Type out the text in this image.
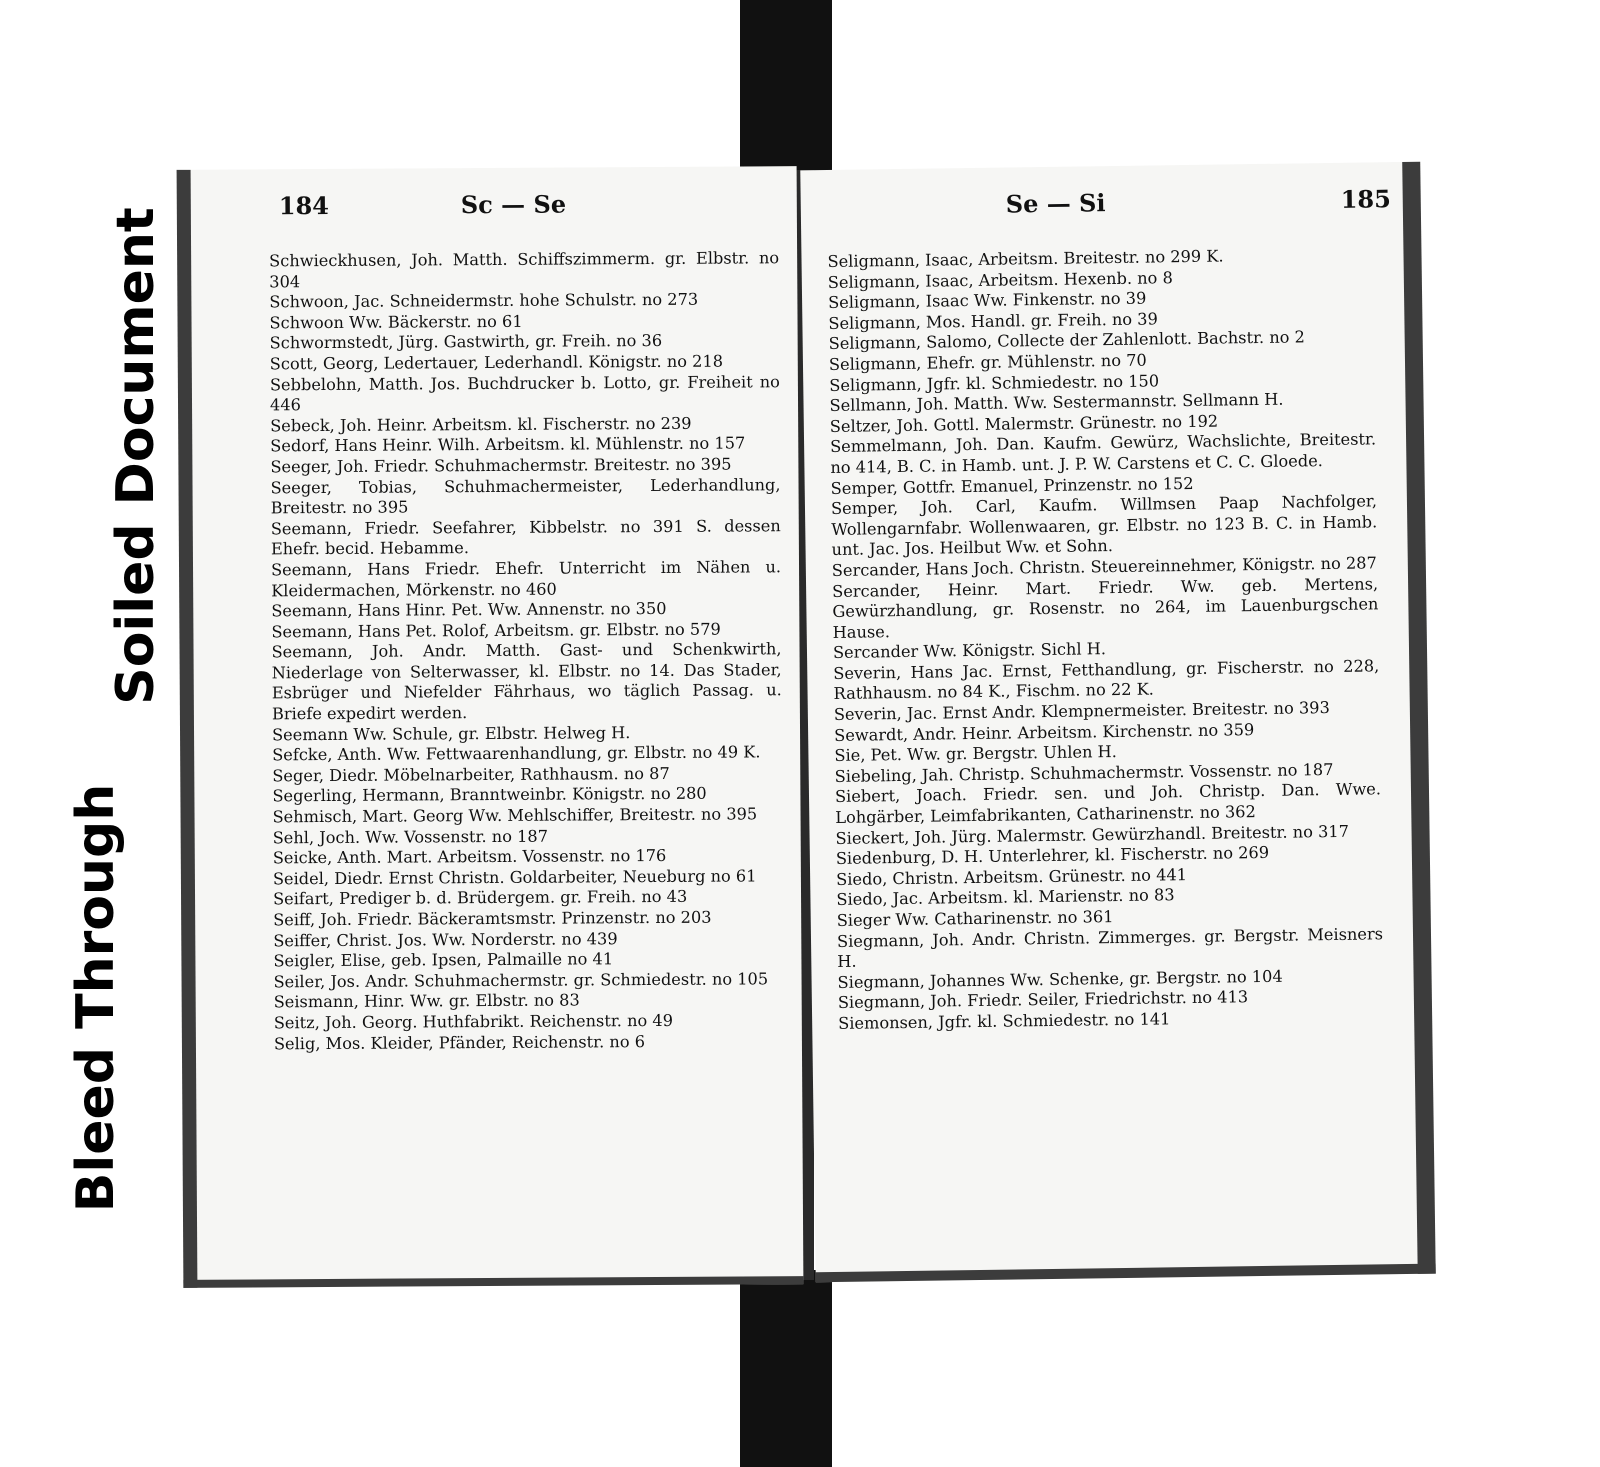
184	Sc — Se
Schwieckhusen, Joh. Matth. Schiffszimmerm. gr. Elbstr. no 304
Schwoon, Jac. Schneidermstr. hohe Schulstr. no 273
Schwoon Ww. Bäckerstr. no 61
Schwormstedt, Jürg. Gastwirth, gr. Freih. no 36
Scott, Georg, Ledertauer, Lederhandl. Königstr. no 218
Sebbelohn, Matth. Jos. Buchdrucker b. Lotto, gr. Freiheit no 446
Sebeck, Joh. Heinr. Arbeitsm. kl. Fischerstr. no 239
Sedorf, Hans Heinr. Wilh. Arbeitsm. kl. Mühlenstr. no 157
Seeger, Joh. Friedr. Schuhmachermstr. Breitestr. no 395
Seeger, Tobias, Schuhmachermeister, Lederhandlung, Breitestr. no 395
Seemann, Friedr. Seefahrer, Kibbelstr. no 391 S. dessen Ehefr. becid. Hebamme.
Seemann, Hans Friedr. Ehefr. Unterricht im Nähen u. Kleidermachen, Mörkenstr. no 460
Seemann, Hans Hinr. Pet. Ww. Annenstr. no 350
Seemann, Hans Pet. Rolof, Arbeitsm. gr. Elbstr. no 579
Seemann, Joh. Andr. Matth. Gast- und Schenkwirth, Niederlage von Selterwasser, kl. Elbstr. no 14. Das Stader, Esbrüger und Niefelder Fährhaus, wo täglich Passag. u. Briefe expedirt werden.
Seemann Ww. Schule, gr. Elbstr. Helweg H.
Sefcke, Anth. Ww. Fettwaarenhandlung, gr. Elbstr. no 49 K.
Seger, Diedr. Möbelnarbeiter, Rathhausm. no 87
Segerling, Hermann, Branntweinbr. Königstr. no 280
Sehmisch, Mart. Georg Ww. Mehlschiffer, Breitestr. no 395
Sehl, Joch. Ww. Vossenstr. no 187
Seicke, Anth. Mart. Arbeitsm. Vossenstr. no 176
Seidel, Diedr. Ernst Christn. Goldarbeiter, Neueburg no 61
Seifart, Prediger b. d. Brüdergem. gr. Freih. no 43
Seiff, Joh. Friedr. Bäckeramtsmstr. Prinzenstr. no 203
Seiffer, Christ. Jos. Ww. Norderstr. no 439
Seigler, Elise, geb. Ipsen, Palmaille no 41
Seiler, Jos. Andr. Schuhmachermstr. gr. Schmiedestr. no 105
Seismann, Hinr. Ww. gr. Elbstr. no 83
Seitz, Joh. Georg. Huthfabrikt. Reichenstr. no 49
Selig, Mos. Kleider, Pfänder, Reichenstr. no 6
Se — Si	185
Seligmann, Isaac, Arbeitsm. Breitestr. no 299 K.
Seligmann, Isaac, Arbeitsm. Hexenb. no 8
Seligmann, Isaac Ww. Finkenstr. no 39
Seligmann, Mos. Handl. gr. Freih. no 39
Seligmann, Salomo, Collecte der Zahlenlott. Bachstr. no 2
Seligmann, Ehefr. gr. Mühlenstr. no 70
Seligmann, Jgfr. kl. Schmiedestr. no 150
Sellmann, Joh. Matth. Ww. Sestermannstr. Sellmann H.
Seltzer, Joh. Gottl. Malermstr. Grünestr. no 192
Semmelmann, Joh. Dan. Kaufm. Gewürz, Wachslichte, Breitestr. no 414, B. C. in Hamb. unt. J. P. W. Carstens et C. C. Gloede.
Semper, Gottfr. Emanuel, Prinzenstr. no 152
Semper, Joh. Carl, Kaufm. Willmsen Paap Nachfolger, Wollengarnfabr. Wollenwaaren, gr. Elbstr. no 123 B. C. in Hamb. unt. Jac. Jos. Heilbut Ww. et Sohn.
Sercander, Hans Joch. Christn. Steuereinnehmer, Königstr. no 287
Sercander, Heinr. Mart. Friedr. Ww. geb. Mertens, Gewürzhandlung, gr. Rosenstr. no 264, im Lauenburgschen Hause.
Sercander Ww. Königstr. Sichl H.
Severin, Hans Jac. Ernst, Fetthandlung, gr. Fischerstr. no 228, Rathhausm. no 84 K., Fischm. no 22 K.
Severin, Jac. Ernst Andr. Klempnermeister. Breitestr. no 393
Sewardt, Andr. Heinr. Arbeitsm. Kirchenstr. no 359
Sie, Pet. Ww. gr. Bergstr. Uhlen H.
Siebeling, Jah. Christp. Schuhmachermstr. Vossenstr. no 187
Siebert, Joach. Friedr. sen. und Joh. Christp. Dan. Wwe. Lohgärber, Leimfabrikanten, Catharinenstr. no 362
Sieckert, Joh. Jürg. Malermstr. Gewürzhandl. Breitestr. no 317
Siedenburg, D. H. Unterlehrer, kl. Fischerstr. no 269
Siedo, Christn. Arbeitsm. Grünestr. no 441
Siedo, Jac. Arbeitsm. kl. Marienstr. no 83
Sieger Ww. Catharinenstr. no 361
Siegmann, Joh. Andr. Christn. Zimmerges. gr. Bergstr. Meisners H.
Siegmann, Johannes Ww. Schenke, gr. Bergstr. no 104
Siegmann, Joh. Friedr. Seiler, Friedrichstr. no 413
Siemonsen, Jgfr. kl. Schmiedestr. no 141
Soiled Document
Bleed Through
